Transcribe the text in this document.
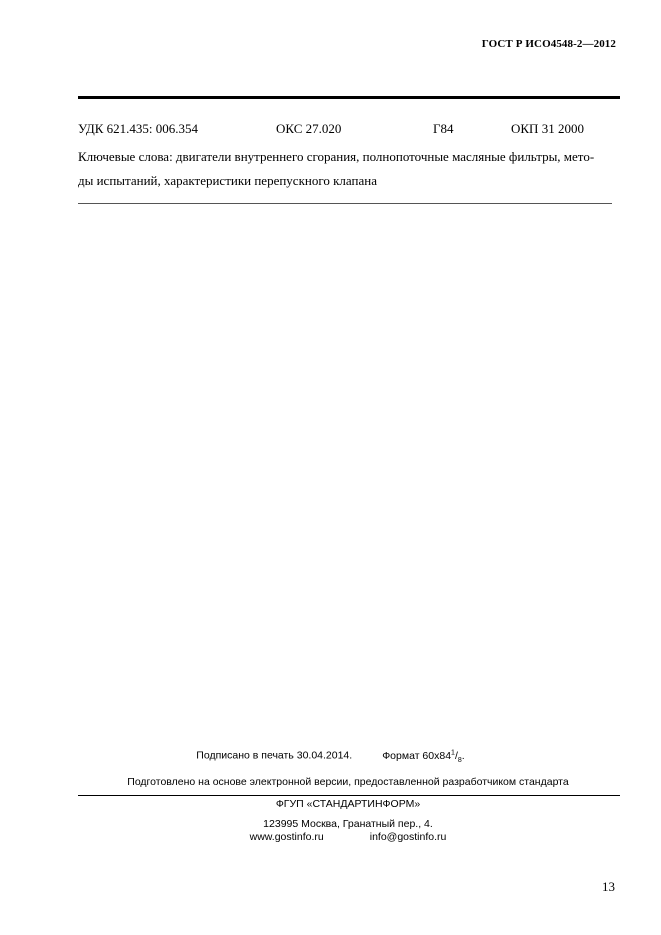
ГОСТ Р ИСО4548-2—2012
УДК 621.435: 006.354	ОКС 27.020	Г84	ОКП 31 2000
Ключевые слова: двигатели внутреннего сгорания, полнопоточные масляные фильтры, мето-
ды испытаний, характеристики перепускного клапана
Подписано в печать 30.04.2014.	Формат $60x84^1/_8$.
Подготовлено на основе электронной версии, предоставленной разработчиком стандарта
ФГУП «СТАНДАРТИНФОРМ»
123995 Москва, Гранатный пер., 4.
www.gostinfo.ru	info@gostinfo.ru
13
